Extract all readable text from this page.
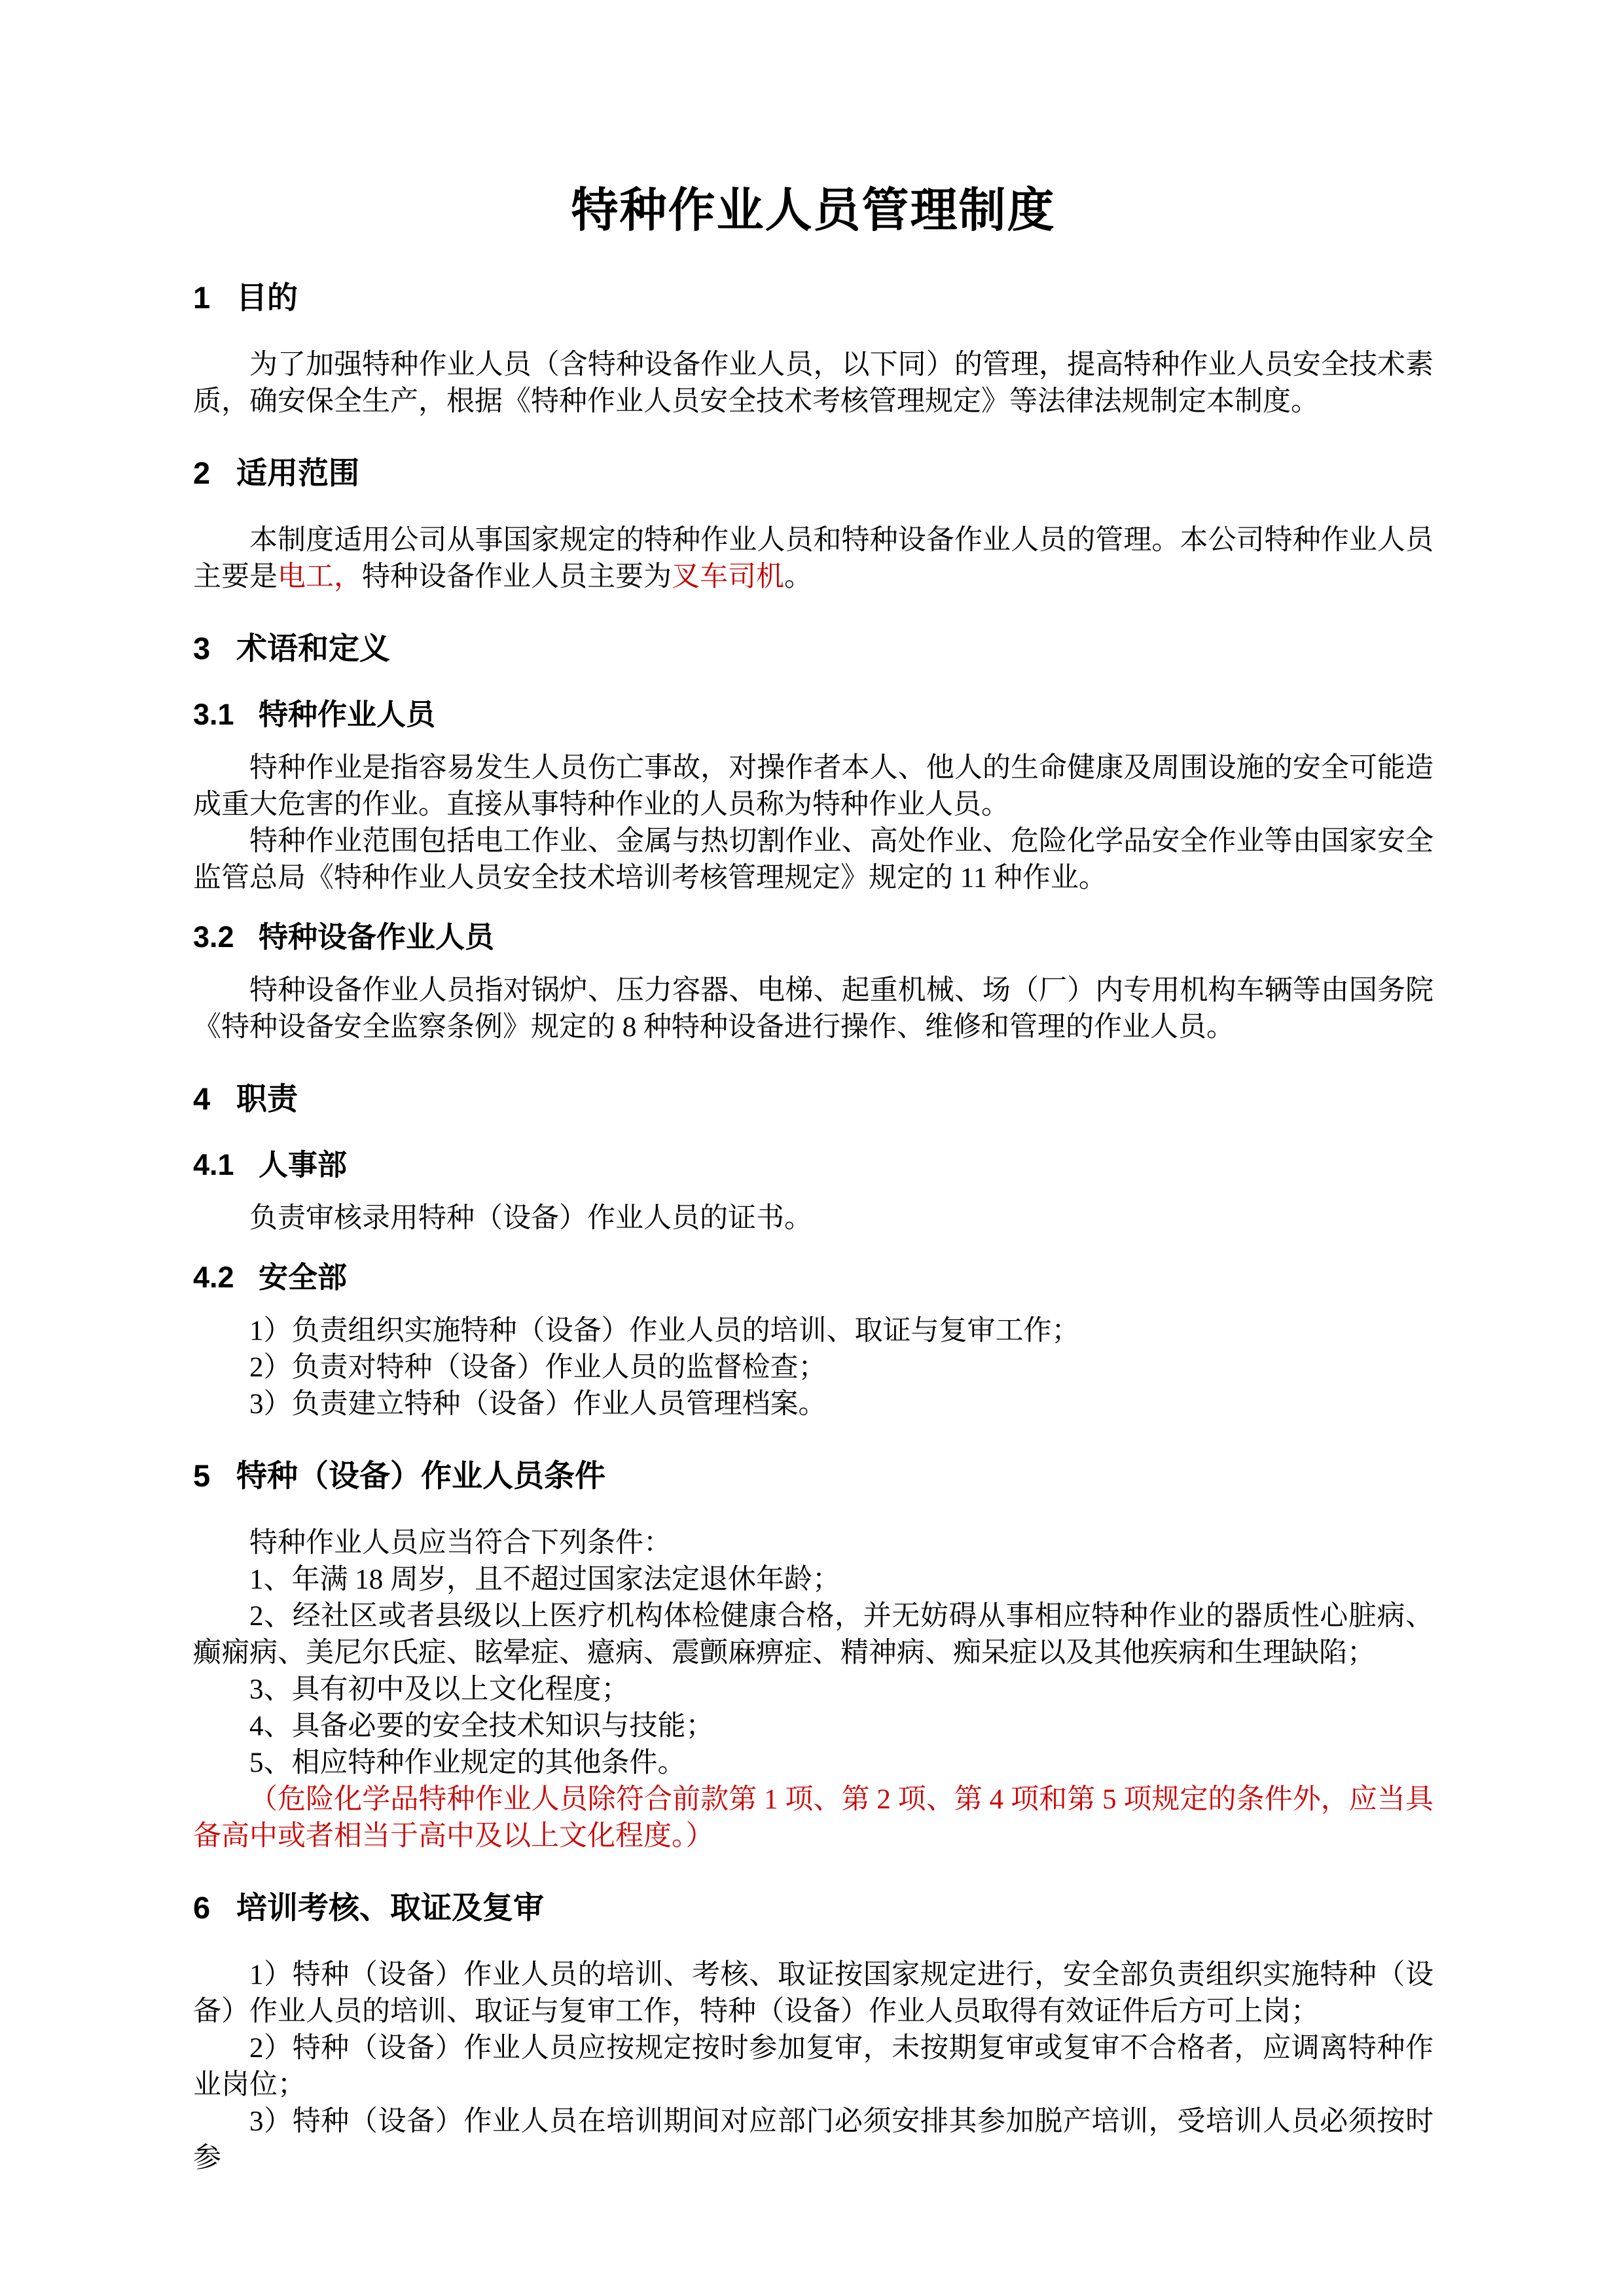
特种作业人员管理制度
1 目的

为了加强特种作业人员（含特种设备作业人员，以下同）的管理，提高特种作业人员安全技术素质，确安保全生产，根据《特种作业人员安全技术考核管理规定》等法律法规制定本制度。

2 适用范围

本制度适用公司从事国家规定的特种作业人员和特种设备作业人员的管理。本公司特种作业人员主要是电工，特种设备作业人员主要为叉车司机。

3 术语和定义
3.1 特种作业人员

特种作业是指容易发生人员伤亡事故，对操作者本人、他人的生命健康及周围设施的安全可能造成重大危害的作业。直接从事特种作业的人员称为特种作业人员。

特种作业范围包括电工作业、金属与热切割作业、高处作业、危险化学品安全作业等由国家安全监管总局《特种作业人员安全技术培训考核管理规定》规定的 11 种作业。

3.2 特种设备作业人员

特种设备作业人员指对锅炉、压力容器、电梯、起重机械、场（厂）内专用机构车辆等由国务院《特种设备安全监察条例》规定的 8 种特种设备进行操作、维修和管理的作业人员。

4 职责
4.1 人事部

负责审核录用特种（设备）作业人员的证书。

4.2 安全部

1）负责组织实施特种（设备）作业人员的培训、取证与复审工作；

2）负责对特种（设备）作业人员的监督检查；

3）负责建立特种（设备）作业人员管理档案。

5 特种（设备）作业人员条件

特种作业人员应当符合下列条件：

1、年满 18 周岁，且不超过国家法定退休年龄；

2、经社区或者县级以上医疗机构体检健康合格，并无妨碍从事相应特种作业的器质性心脏病、癫痫病、美尼尔氏症、眩晕症、癔病、震颤麻痹症、精神病、痴呆症以及其他疾病和生理缺陷；

3、具有初中及以上文化程度；

4、具备必要的安全技术知识与技能；

5、相应特种作业规定的其他条件。

（危险化学品特种作业人员除符合前款第 1 项、第 2 项、第 4 项和第 5 项规定的条件外，应当具备高中或者相当于高中及以上文化程度。）

6 培训考核、取证及复审

1）特种（设备）作业人员的培训、考核、取证按国家规定进行，安全部负责组织实施特种（设备）作业人员的培训、取证与复审工作，特种（设备）作业人员取得有效证件后方可上岗；

2）特种（设备）作业人员应按规定按时参加复审，未按期复审或复审不合格者，应调离特种作业岗位；

3）特种（设备）作业人员在培训期间对应部门必须安排其参加脱产培训，受培训人员必须按时参
